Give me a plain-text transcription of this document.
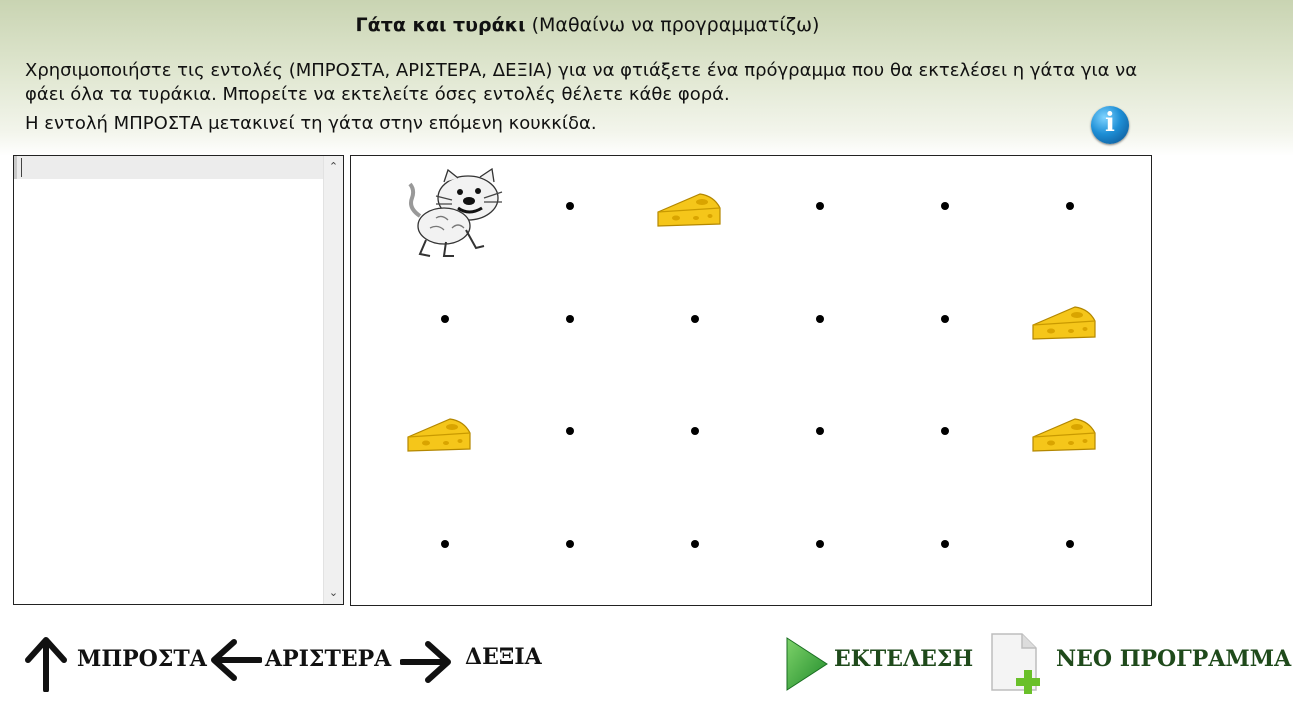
Γάτα και τυράκι (Μαθαίνω να προγραμματίζω)
Χρησιμοποιήστε τις εντολές (ΜΠΡΟΣΤΑ, ΑΡΙΣΤΕΡΑ, ΔΕΞΙΑ) για να φτιάξετε ένα πρόγραμμα που θα εκτελέσει η γάτα για να
φάει όλα τα τυράκια. Μπορείτε να εκτελείτε όσες εντολές θέλετε κάθε φορά.
Η εντολή ΜΠΡΟΣΤΑ μετακινεί τη γάτα στην επόμενη κουκκίδα.	i
⌃
⌄
ΜΠΡΟΣΤΑ	ΑΡΙΣΤΕΡΑ	ΔΕΞΙΑ	ΕΚΤΕΛΕΣΗ	ΝΕΟ ΠΡΟΓΡΑΜΜΑ
